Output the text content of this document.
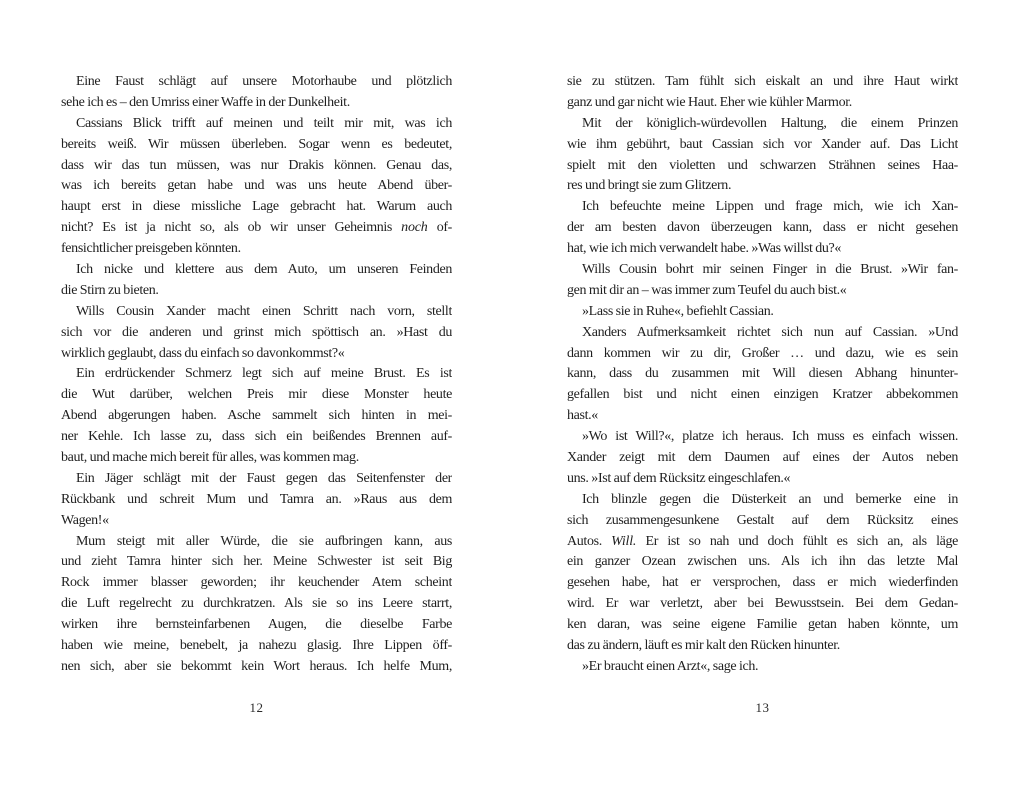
Eine Faust schlägt auf unsere Motorhaube und plötzlich
sehe ich es – den Umriss einer Waffe in der Dunkelheit.
Cassians Blick trifft auf meinen und teilt mir mit, was ich
bereits weiß. Wir müssen überleben. Sogar wenn es bedeutet,
dass wir das tun müssen, was nur Drakis können. Genau das,
was ich bereits getan habe und was uns heute Abend über-
haupt erst in diese missliche Lage gebracht hat. Warum auch
nicht? Es ist ja nicht so, als ob wir unser Geheimnis noch of-
fensichtlicher preisgeben könnten.
Ich nicke und klettere aus dem Auto, um unseren Feinden
die Stirn zu bieten.
Wills Cousin Xander macht einen Schritt nach vorn, stellt
sich vor die anderen und grinst mich spöttisch an. »Hast du
wirklich geglaubt, dass du einfach so davonkommst?«
Ein erdrückender Schmerz legt sich auf meine Brust. Es ist
die Wut darüber, welchen Preis mir diese Monster heute
Abend abgerungen haben. Asche sammelt sich hinten in mei-
ner Kehle. Ich lasse zu, dass sich ein beißendes Brennen auf-
baut, und mache mich bereit für alles, was kommen mag.
Ein Jäger schlägt mit der Faust gegen das Seitenfenster der
Rückbank und schreit Mum und Tamra an. »Raus aus dem
Wagen!«
Mum steigt mit aller Würde, die sie aufbringen kann, aus
und zieht Tamra hinter sich her. Meine Schwester ist seit Big
Rock immer blasser geworden; ihr keuchender Atem scheint
die Luft regelrecht zu durchkratzen. Als sie so ins Leere starrt,
wirken ihre bernsteinfarbenen Augen, die dieselbe Farbe
haben wie meine, benebelt, ja nahezu glasig. Ihre Lippen öff-
nen sich, aber sie bekommt kein Wort heraus. Ich helfe Mum,
12
sie zu stützen. Tam fühlt sich eiskalt an und ihre Haut wirkt
ganz und gar nicht wie Haut. Eher wie kühler Marmor.
Mit der königlich-würdevollen Haltung, die einem Prinzen
wie ihm gebührt, baut Cassian sich vor Xander auf. Das Licht
spielt mit den violetten und schwarzen Strähnen seines Haa-
res und bringt sie zum Glitzern.
Ich befeuchte meine Lippen und frage mich, wie ich Xan-
der am besten davon überzeugen kann, dass er nicht gesehen
hat, wie ich mich verwandelt habe. »Was willst du?«
Wills Cousin bohrt mir seinen Finger in die Brust. »Wir fan-
gen mit dir an – was immer zum Teufel du auch bist.«
»Lass sie in Ruhe«, befiehlt Cassian.
Xanders Aufmerksamkeit richtet sich nun auf Cassian. »Und
dann kommen wir zu dir, Großer … und dazu, wie es sein
kann, dass du zusammen mit Will diesen Abhang hinunter-
gefallen bist und nicht einen einzigen Kratzer abbekommen
hast.«
»Wo ist Will?«, platze ich heraus. Ich muss es einfach wissen.
Xander zeigt mit dem Daumen auf eines der Autos neben
uns. »Ist auf dem Rücksitz eingeschlafen.«
Ich blinzle gegen die Düsterkeit an und bemerke eine in
sich zusammengesunkene Gestalt auf dem Rücksitz eines
Autos. Will. Er ist so nah und doch fühlt es sich an, als läge
ein ganzer Ozean zwischen uns. Als ich ihn das letzte Mal
gesehen habe, hat er versprochen, dass er mich wiederfinden
wird. Er war verletzt, aber bei Bewusstsein. Bei dem Gedan-
ken daran, was seine eigene Familie getan haben könnte, um
das zu ändern, läuft es mir kalt den Rücken hinunter.
»Er braucht einen Arzt«, sage ich.
13
